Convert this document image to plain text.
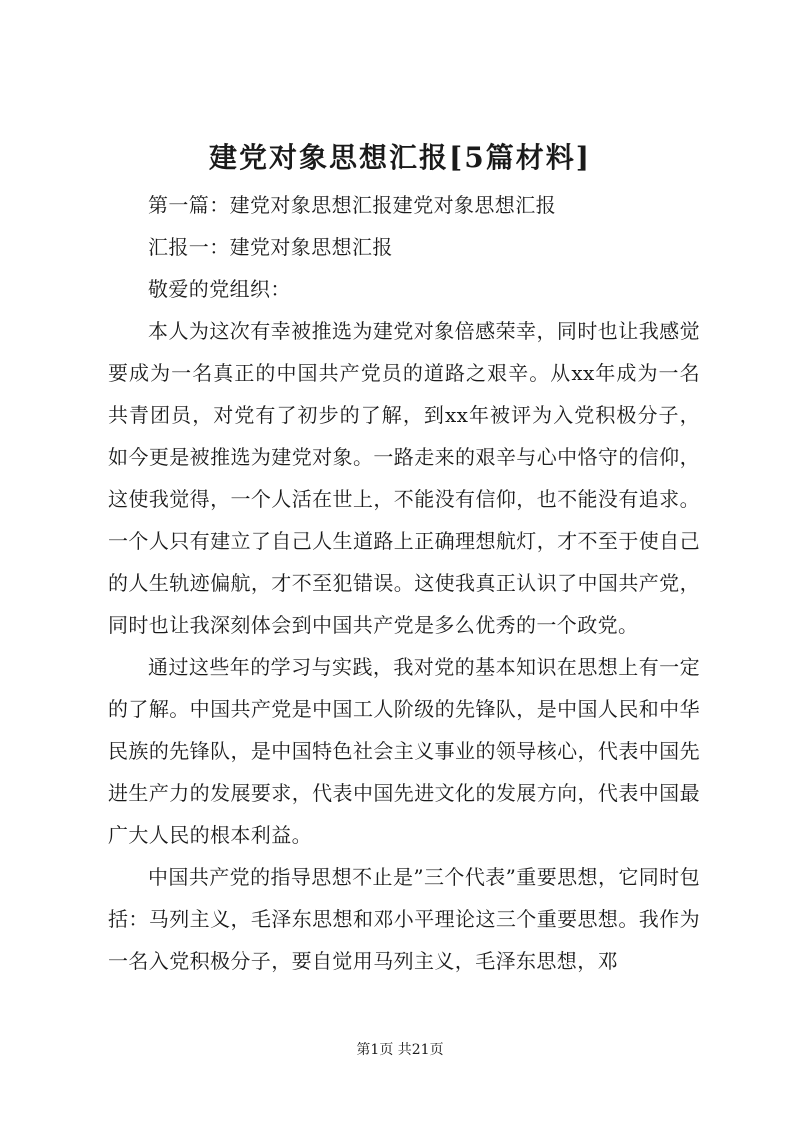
建党对象思想汇报[5篇材料]

第一篇：建党对象思想汇报建党对象思想汇报

汇报一：建党对象思想汇报

敬爱的党组织：

本人为这次有幸被推选为建党对象倍感荣幸，同时也让我感觉要成为一名真正的中国共产党员的道路之艰辛。从xx年成为一名共青团员，对党有了初步的了解，到xx年被评为入党积极分子，如今更是被推选为建党对象。一路走来的艰辛与心中恪守的信仰，这使我觉得，一个人活在世上，不能没有信仰，也不能没有追求。一个人只有建立了自己人生道路上正确理想航灯，才不至于使自己的人生轨迹偏航，才不至犯错误。这使我真正认识了中国共产党，同时也让我深刻体会到中国共产党是多么优秀的一个政党。

通过这些年的学习与实践，我对党的基本知识在思想上有一定的了解。中国共产党是中国工人阶级的先锋队，是中国人民和中华民族的先锋队，是中国特色社会主义事业的领导核心，代表中国先进生产力的发展要求，代表中国先进文化的发展方向，代表中国最广大人民的根本利益。

中国共产党的指导思想不止是”三个代表”重要思想，它同时包括：马列主义，毛泽东思想和邓小平理论这三个重要思想。我作为一名入党积极分子，要自觉用马列主义，毛泽东思想，邓

第1页 共21页
